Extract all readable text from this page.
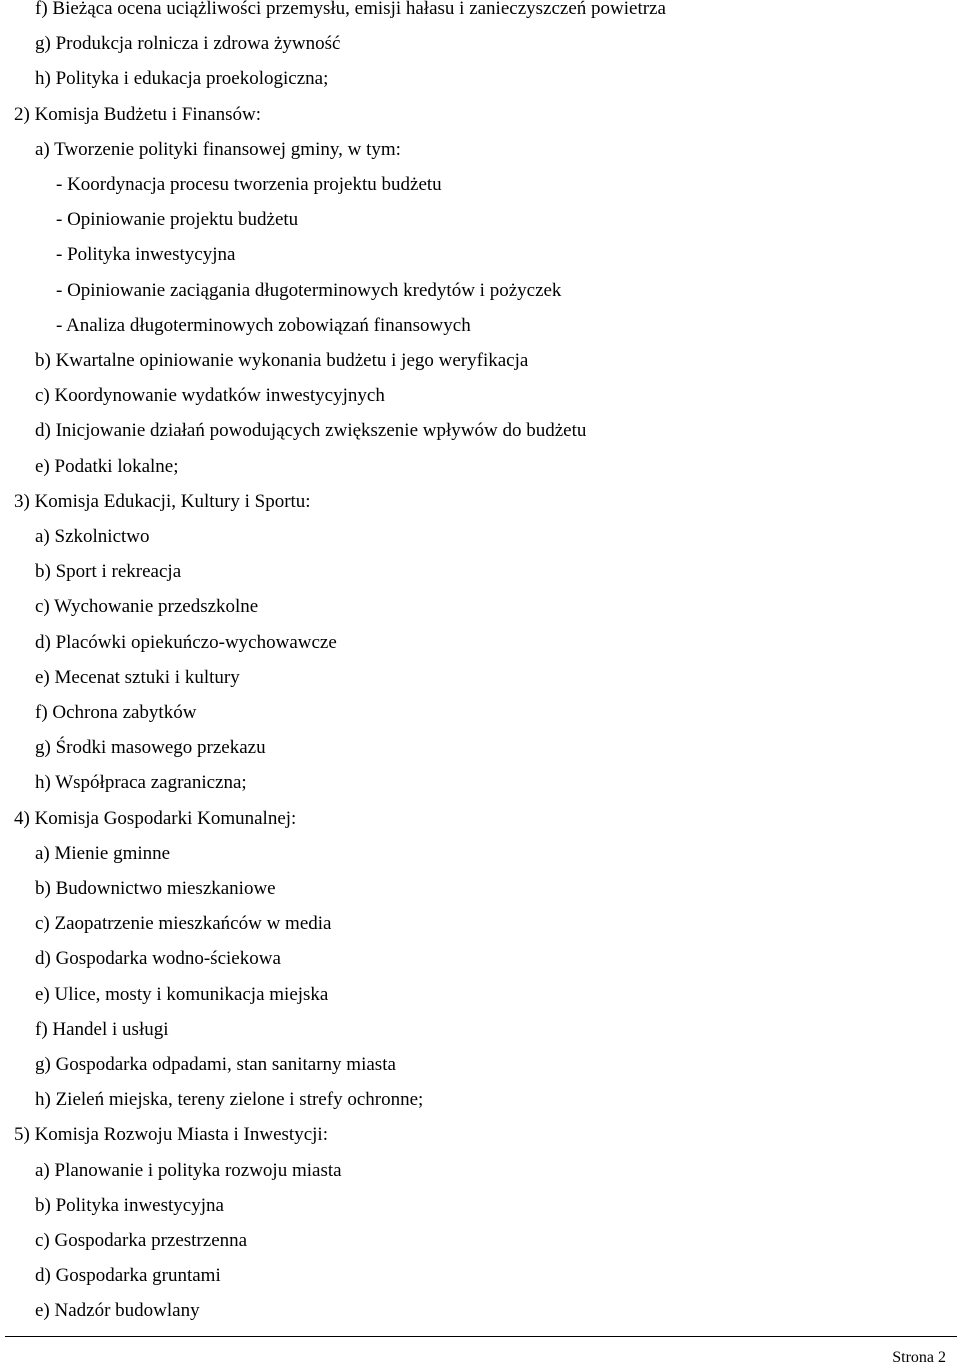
f) Bieżąca ocena uciążliwości przemysłu, emisji hałasu i zanieczyszczeń powietrza
g) Produkcja rolnicza i zdrowa żywność
h) Polityka i edukacja proekologiczna;
2) Komisja Budżetu i Finansów:
a) Tworzenie polityki finansowej gminy, w tym:
- Koordynacja procesu tworzenia projektu budżetu
- Opiniowanie projektu budżetu
- Polityka inwestycyjna
- Opiniowanie zaciągania długoterminowych kredytów i pożyczek
- Analiza długoterminowych zobowiązań finansowych
b) Kwartalne opiniowanie wykonania budżetu i jego weryfikacja
c) Koordynowanie wydatków inwestycyjnych
d) Inicjowanie działań powodujących zwiększenie wpływów do budżetu
e) Podatki lokalne;
3) Komisja Edukacji, Kultury i Sportu:
a) Szkolnictwo
b) Sport i rekreacja
c) Wychowanie przedszkolne
d) Placówki opiekuńczo-wychowawcze
e) Mecenat sztuki i kultury
f) Ochrona zabytków
g) Środki masowego przekazu
h) Współpraca zagraniczna;
4) Komisja Gospodarki Komunalnej:
a) Mienie gminne
b) Budownictwo mieszkaniowe
c) Zaopatrzenie mieszkańców w media
d) Gospodarka wodno-ściekowa
e) Ulice, mosty i komunikacja miejska
f) Handel i usługi
g) Gospodarka odpadami, stan sanitarny miasta
h) Zieleń miejska, tereny zielone i strefy ochronne;
5) Komisja Rozwoju Miasta i Inwestycji:
a) Planowanie i polityka rozwoju miasta
b) Polityka inwestycyjna
c) Gospodarka przestrzenna
d) Gospodarka gruntami
e) Nadzór budowlany
Strona 2
